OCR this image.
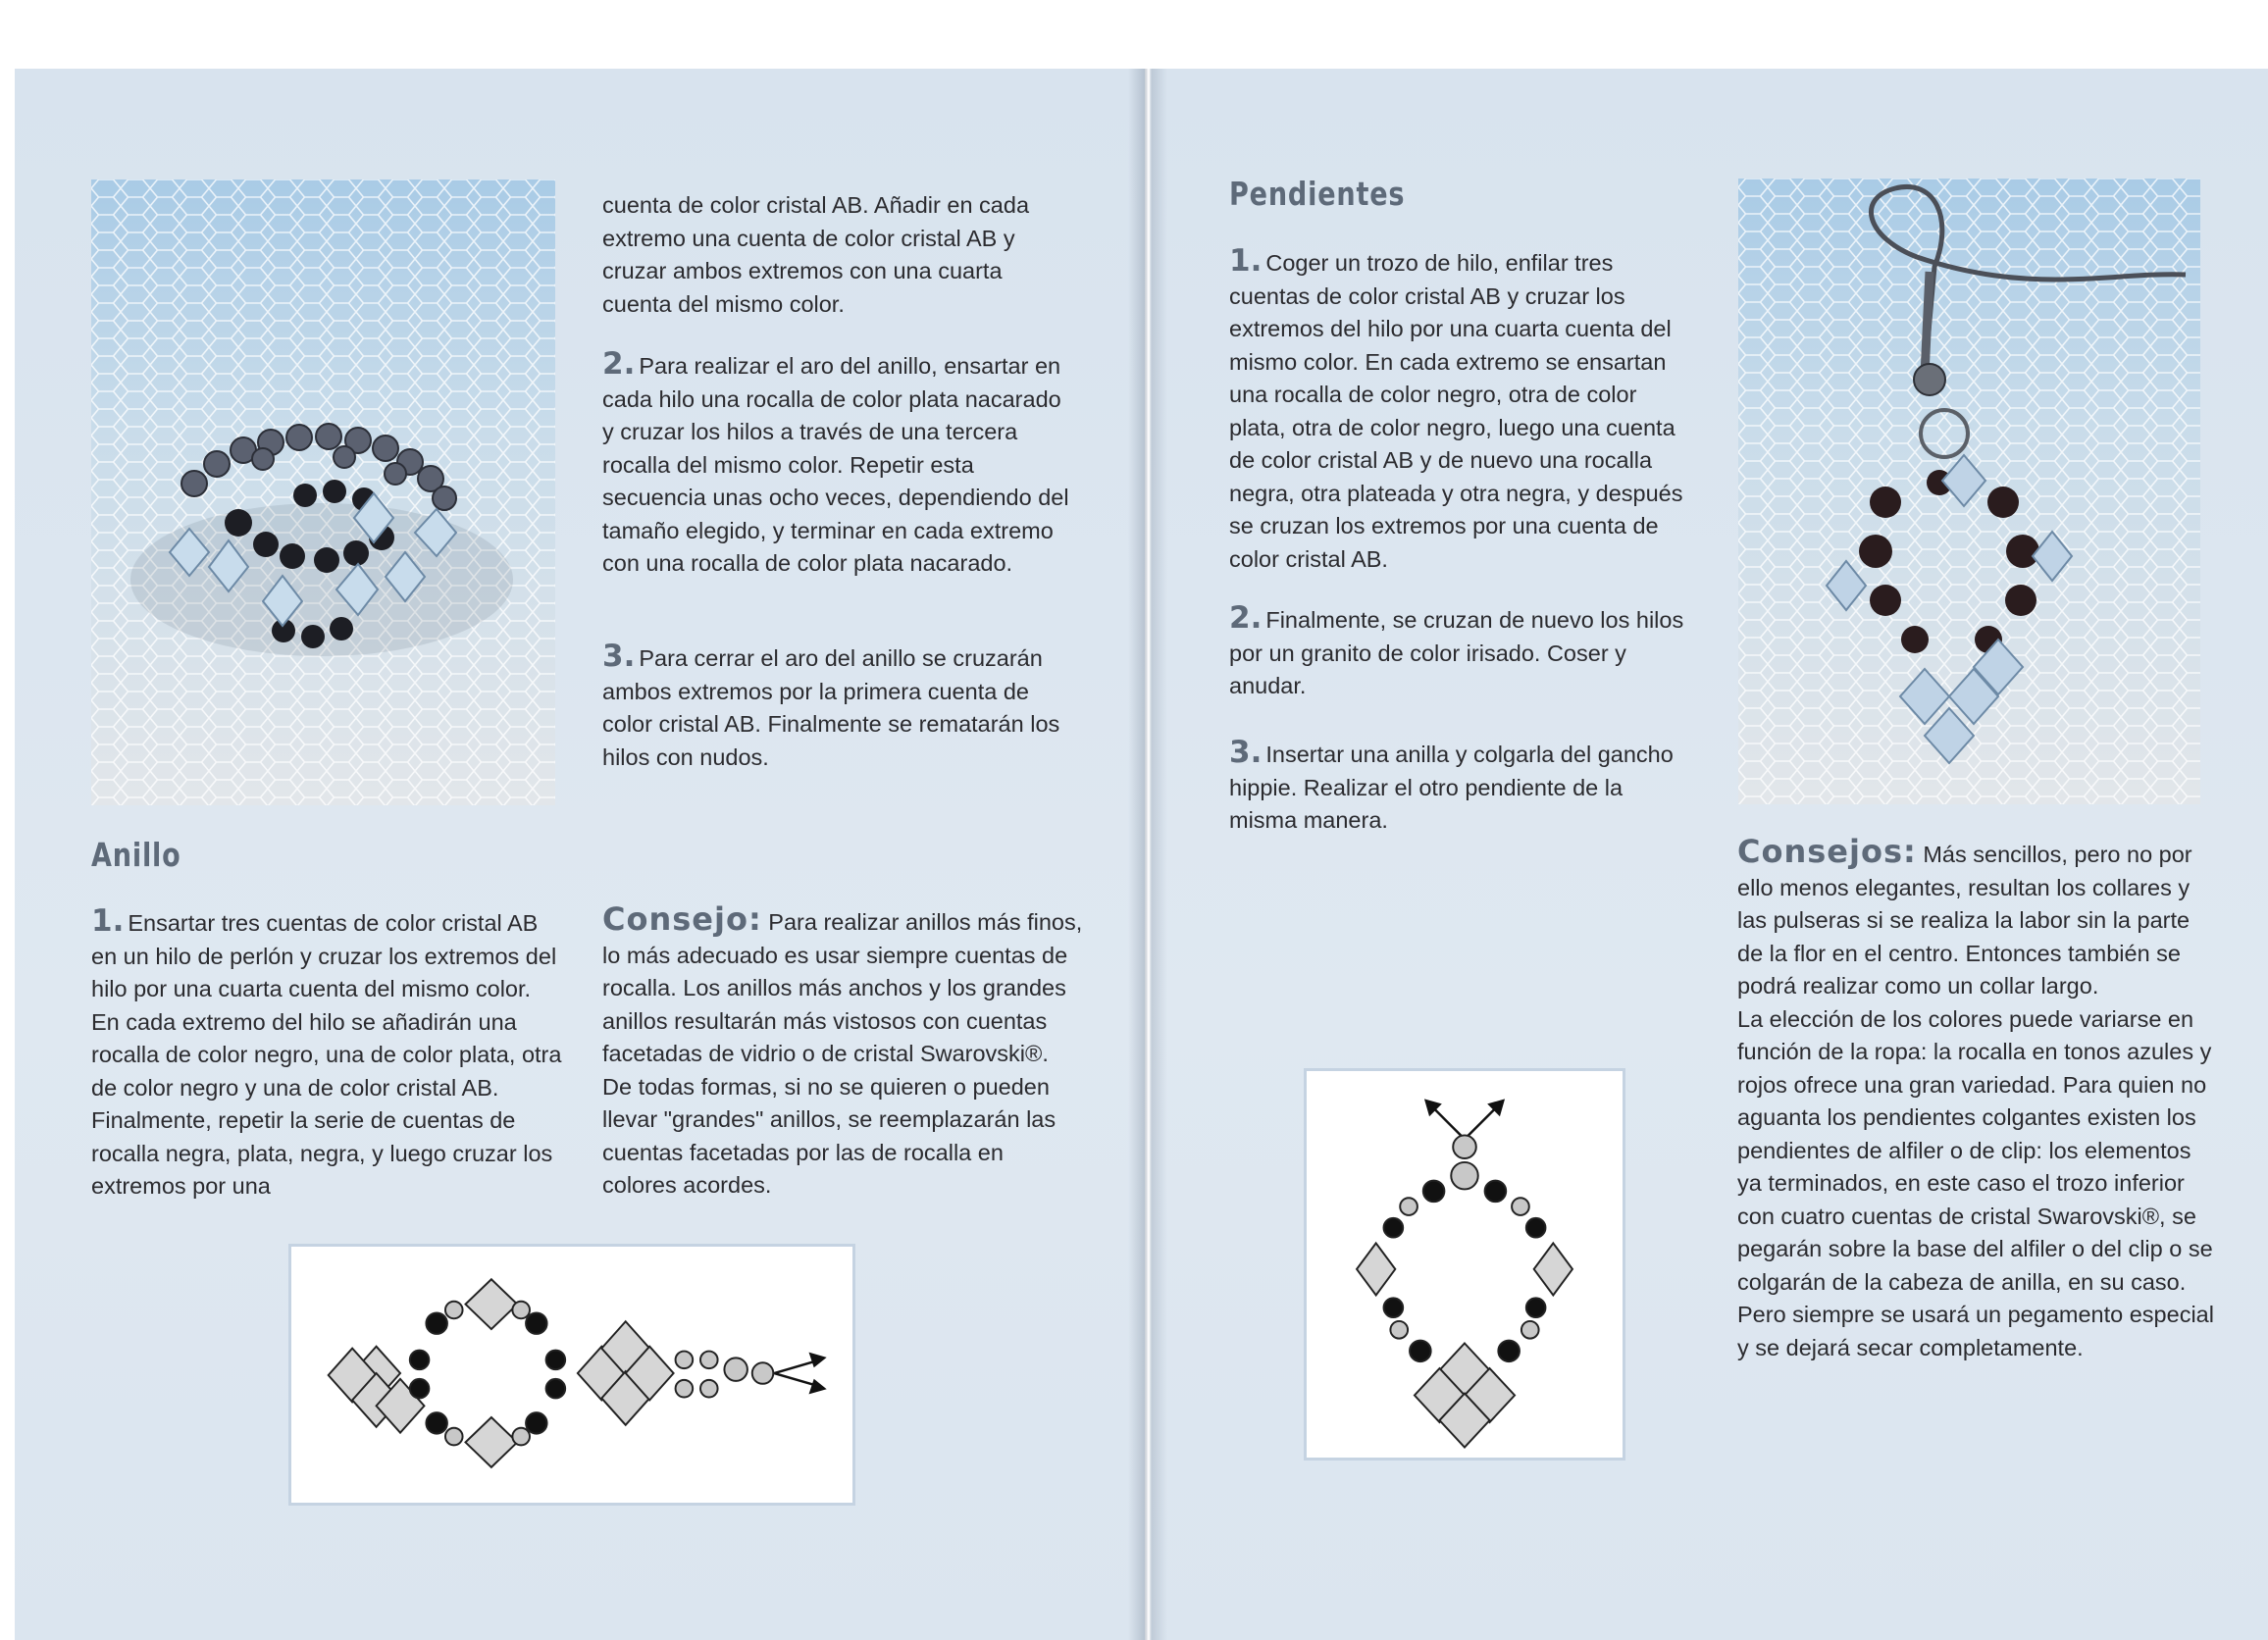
cuenta de color cristal AB. Añadir en cada extremo una cuenta de color cristal AB y cruzar ambos extremos con una cuarta cuenta del mismo color.

2. Para realizar el aro del anillo, ensartar en cada hilo una rocalla de color plata nacarado y cruzar los hilos a través de una tercera rocalla del mismo color. Repetir esta secuencia unas ocho veces, dependiendo del tamaño elegido, y terminar en cada extremo con una rocalla de color plata nacarado.

3. Para cerrar el aro del anillo se cruzarán ambos extremos por la primera cuenta de color cristal AB. Finalmente se rematarán los hilos con nudos.

Anillo

1. Ensartar tres cuentas de color cristal AB en un hilo de perlón y cruzar los extremos del hilo por una cuarta cuenta del mismo color. En cada extremo del hilo se añadirán una rocalla de color negro, una de color plata, otra de color negro y una de color cristal AB. Finalmente, repetir la serie de cuentas de rocalla negra, plata, negra, y luego cruzar los extremos por una

Consejo: Para realizar anillos más finos, lo más adecuado es usar siempre cuentas de rocalla. Los anillos más anchos y los grandes anillos resultarán más vistosos con cuentas facetadas de vidrio o de cristal Swarovski®. De todas formas, si no se quieren o pueden llevar "grandes" anillos, se reemplazarán las cuentas facetadas por las de rocalla en colores acordes.

Pendientes

1. Coger un trozo de hilo, enfilar tres cuentas de color cristal AB y cruzar los extremos del hilo por una cuarta cuenta del mismo color. En cada extremo se ensartan una rocalla de color negro, otra de color plata, otra de color negro, luego una cuenta de color cristal AB y de nuevo una rocalla negra, otra plateada y otra negra, y después se cruzan los extremos por una cuenta de color cristal AB.

2. Finalmente, se cruzan de nuevo los hilos por un granito de color irisado. Coser y anudar.

3. Insertar una anilla y colgarla del gancho hippie. Realizar el otro pendiente de la misma manera.

Consejos: Más sencillos, pero no por ello menos elegantes, resultan los collares y las pulseras si se realiza la labor sin la parte de la flor en el centro. Entonces también se podrá realizar como un collar largo.

La elección de los colores puede variarse en función de la ropa: la rocalla en tonos azules y rojos ofrece una gran variedad. Para quien no aguanta los pendientes colgantes existen los pendientes de alfiler o de clip: los elementos ya terminados, en este caso el trozo inferior con cuatro cuentas de cristal Swarovski®, se pegarán sobre la base del alfiler o del clip o se colgarán de la cabeza de anilla, en su caso. Pero siempre se usará un pegamento especial y se dejará secar completamente.
